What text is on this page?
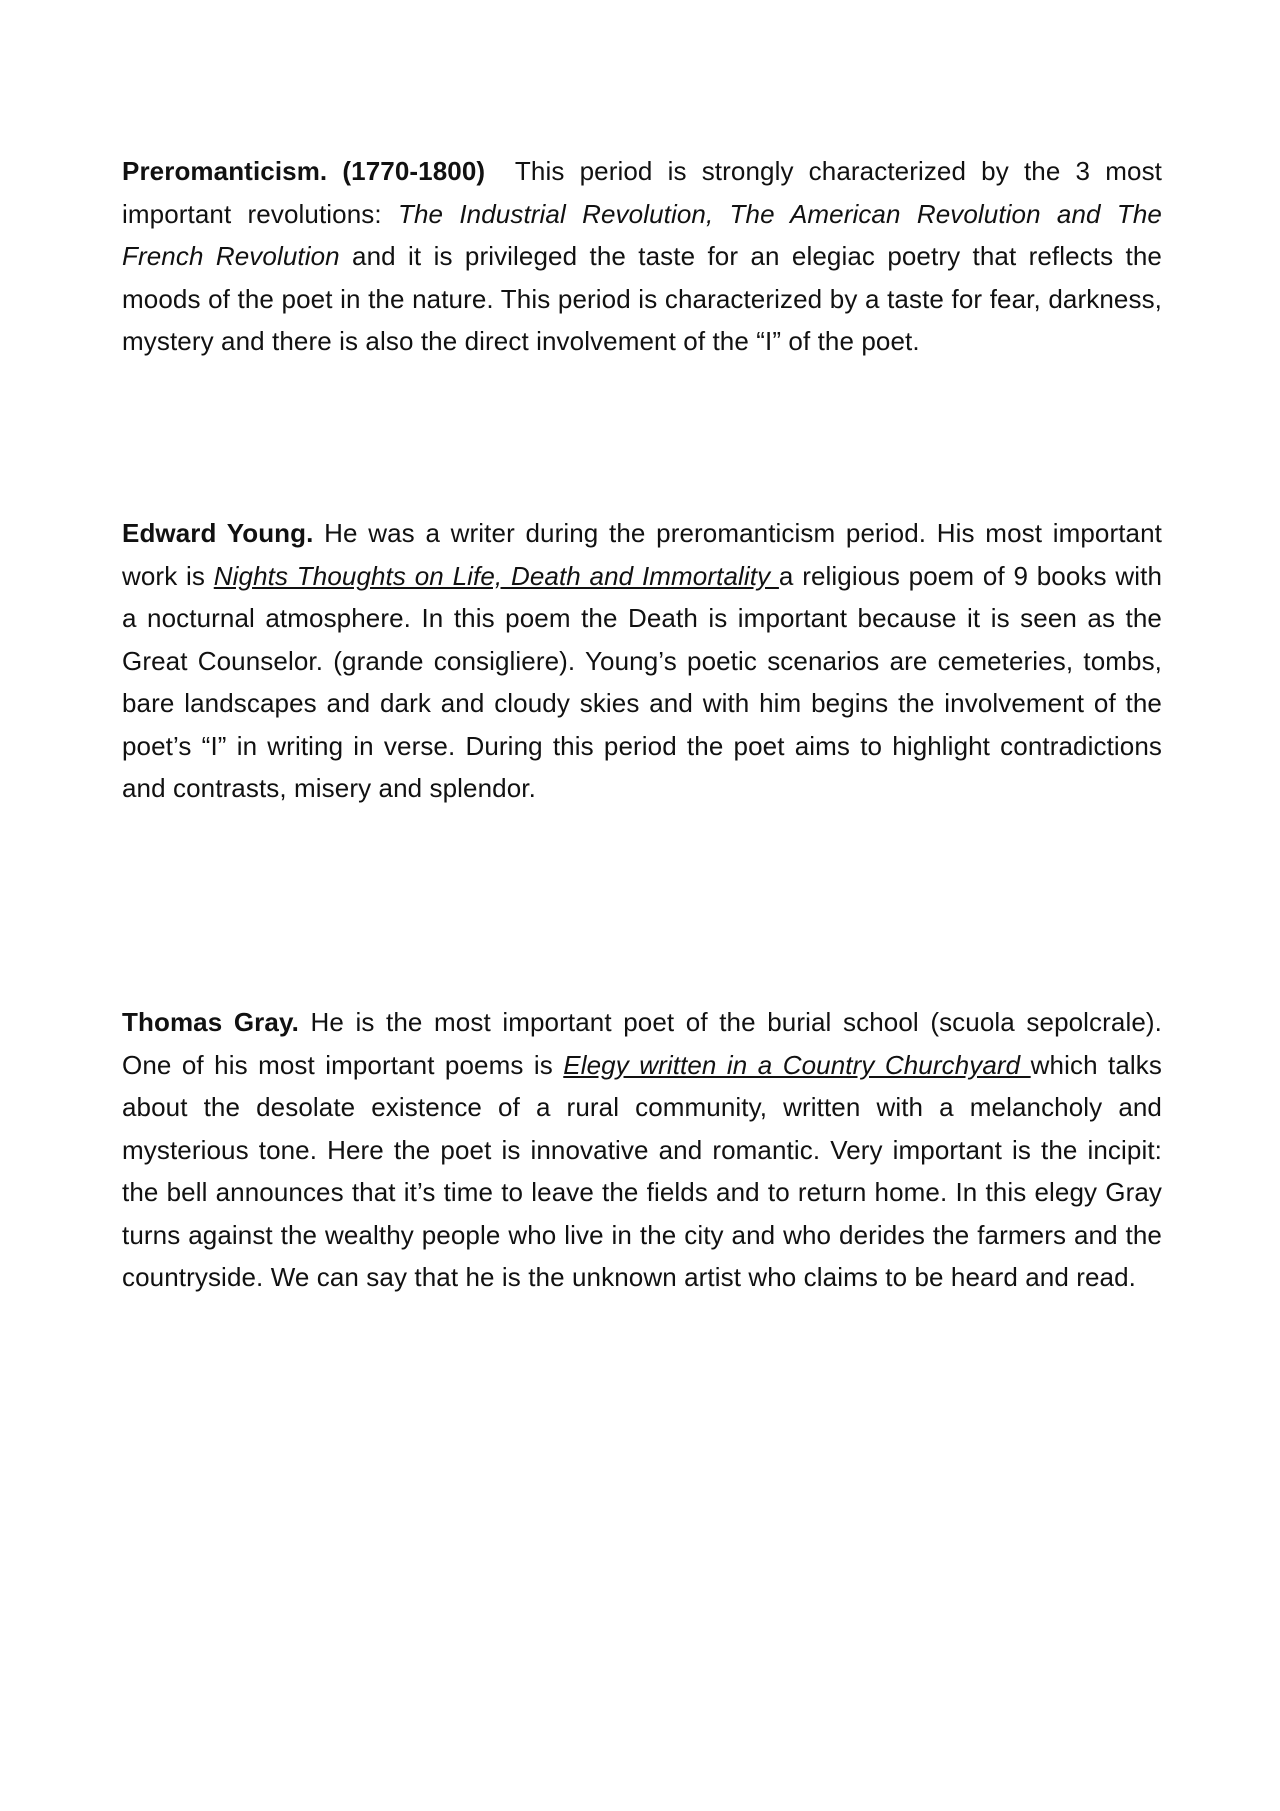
Preromanticism. (1770-1800)  This period is strongly characterized by the 3 most important revolutions: The Industrial Revolution, The American Revolution and The French Revolution and it is privileged the taste for an elegiac poetry that reflects the moods of the poet in the nature. This period is characterized by a taste for fear, darkness, mystery and there is also the direct involvement of the “I” of the poet.

Edward Young. He was a writer during the preromanticism period. His most important work is Nights Thoughts on Life, Death and Immortality a religious poem of 9 books with a nocturnal atmosphere. In this poem the Death is important because it is seen as the Great Counselor. (grande consigliere). Young’s poetic scenarios are cemeteries, tombs, bare landscapes and dark and cloudy skies and with him begins the involvement of the poet’s “I” in writing in verse. During this period the poet aims to highlight contradictions and contrasts, misery and splendor.

Thomas Gray. He is the most important poet of the burial school (scuola sepolcrale). One of his most important poems is Elegy written in a Country Churchyard which talks about the desolate existence of a rural community, written with a melancholy and mysterious tone. Here the poet is innovative and romantic. Very important is the incipit: the bell announces that it’s time to leave the fields and to return home. In this elegy Gray turns against the wealthy people who live in the city and who derides the farmers and the countryside. We can say that he is the unknown artist who claims to be heard and read.
